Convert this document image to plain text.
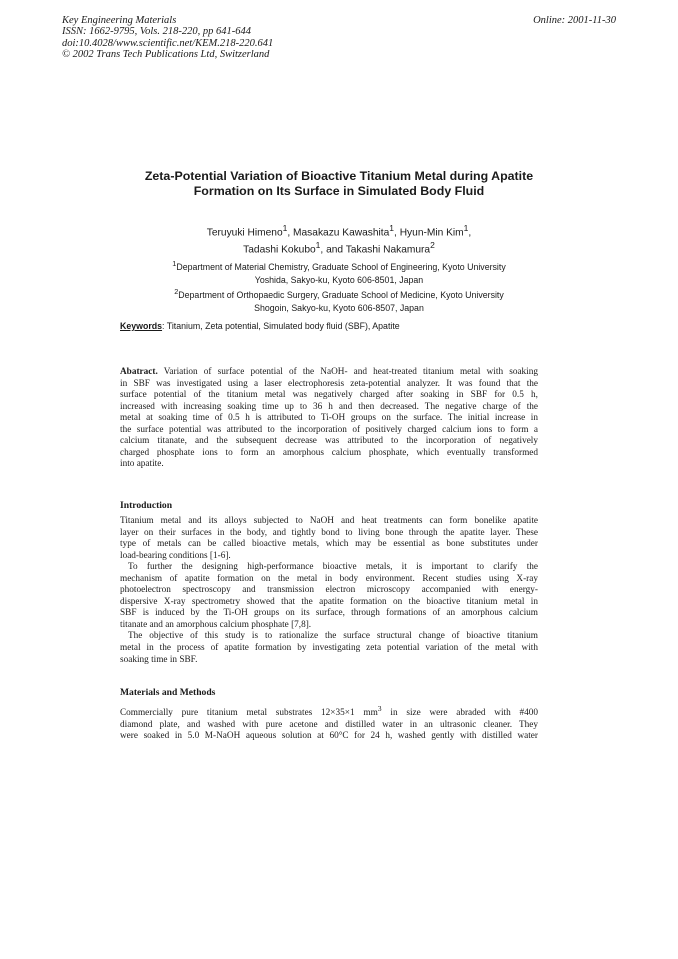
Key Engineering Materials
ISSN: 1662-9795, Vols. 218-220, pp 641-644
doi:10.4028/www.scientific.net/KEM.218-220.641
© 2002 Trans Tech Publications Ltd, Switzerland
Online: 2001-11-30
Zeta-Potential Variation of Bioactive Titanium Metal during Apatite
Formation on Its Surface in Simulated Body Fluid
Teruyuki Himeno$^1$, Masakazu Kawashita$^1$, Hyun-Min Kim$^1$,
Tadashi Kokubo$^1$, and Takashi Nakamura$^2$
$^1$Department of Material Chemistry, Graduate School of Engineering, Kyoto University
Yoshida, Sakyo-ku, Kyoto 606-8501, Japan
$^2$Department of Orthopaedic Surgery, Graduate School of Medicine, Kyoto University
Shogoin, Sakyo-ku, Kyoto 606-8507, Japan
Keywords: Titanium, Zeta potential, Simulated body fluid (SBF), Apatite
Abatract. Variation of surface potential of the NaOH- and heat-treated titanium metal with soaking
in SBF was investigated using a laser electrophoresis zeta-potential analyzer. It was found that the
surface potential of the titanium metal was negatively charged after soaking in SBF for 0.5 h,
increased with increasing soaking time up to 36 h and then decreased. The negative charge of the
metal at soaking time of 0.5 h is attributed to Ti-OH groups on the surface. The initial increase in
the surface potential was attributed to the incorporation of positively charged calcium ions to form a
calcium titanate, and the subsequent decrease was attributed to the incorporation of negatively
charged phosphate ions to form an amorphous calcium phosphate, which eventually transformed
into apatite.
Introduction
Titanium metal and its alloys subjected to NaOH and heat treatments can form bonelike apatite
layer on their surfaces in the body, and tightly bond to living bone through the apatite layer. These
type of metals can be called bioactive metals, which may be essential as bone substitutes under
load-bearing conditions [1-6].
To further the designing high-performance bioactive metals, it is important to clarify the
mechanism of apatite formation on the metal in body environment. Recent studies using X-ray
photoelectron spectroscopy and transmission electron microscopy accompanied with energy-
dispersive X-ray spectrometry showed that the apatite formation on the bioactive titanium metal in
SBF is induced by the Ti-OH groups on its surface, through formations of an amorphous calcium
titanate and an amorphous calcium phosphate [7,8].
The objective of this study is to rationalize the surface structural change of bioactive titanium
metal in the process of apatite formation by investigating zeta potential variation of the metal with
soaking time in SBF.
Materials and Methods
Commercially pure titanium metal substrates 12×35×1 $mm^3$ in size were abraded with #400
diamond plate, and washed with pure acetone and distilled water in an ultrasonic cleaner. They
were soaked in 5.0 M-NaOH aqueous solution at 60°C for 24 h, washed gently with distilled water
